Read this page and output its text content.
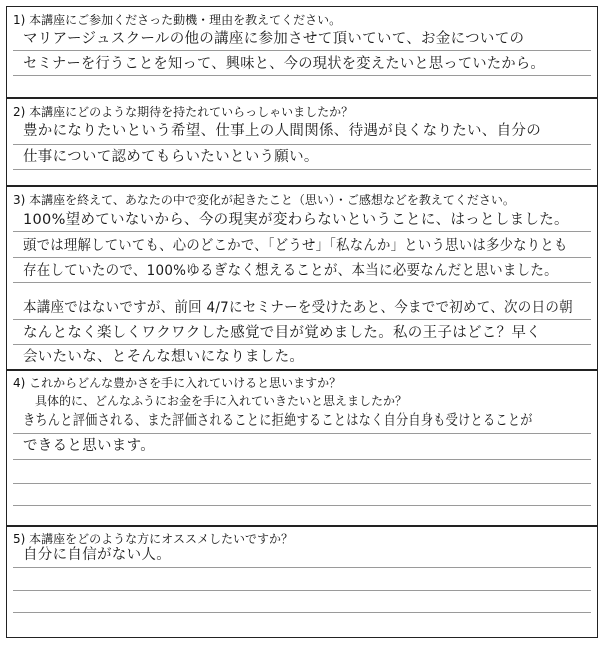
1) 本講座にご参加くださった動機・理由を教えてください。
マリアージュスクールの他の講座に参加させて頂いていて、お金についての
セミナーを行うことを知って、興味と、今の現状を変えたいと思っていたから。
2) 本講座にどのような期待を持たれていらっしゃいましたか？
豊かになりたいという希望、仕事上の人間関係、待遇が良くなりたい、自分の
仕事について認めてもらいたいという願い。
3) 本講座を終えて、あなたの中で変化が起きたこと（思い）・ご感想などを教えてください。
100%望めていないから、今の現実が変わらないということに、はっとしました。
頭では理解していても、心のどこかで、「どうせ」「私なんか」という思いは多少なりとも
存在していたので、100%ゆるぎなく想えることが、本当に必要なんだと思いました。
本講座ではないですが、前回 4/7にセミナーを受けたあと、今までで初めて、次の日の朝
なんとなく楽しくワクワクした感覚で目が覚めました。私の王子はどこ？早く
会いたいな、とそんな想いになりました。
4) これからどんな豊かさを手に入れていけると思いますか？
具体的に、どんなふうにお金を手に入れていきたいと思えましたか？
きちんと評価される、また評価されることに拒絶することはなく自分自身も受けとることが
できると思います。
5) 本講座をどのような方にオススメしたいですか？
自分に自信がない人。
